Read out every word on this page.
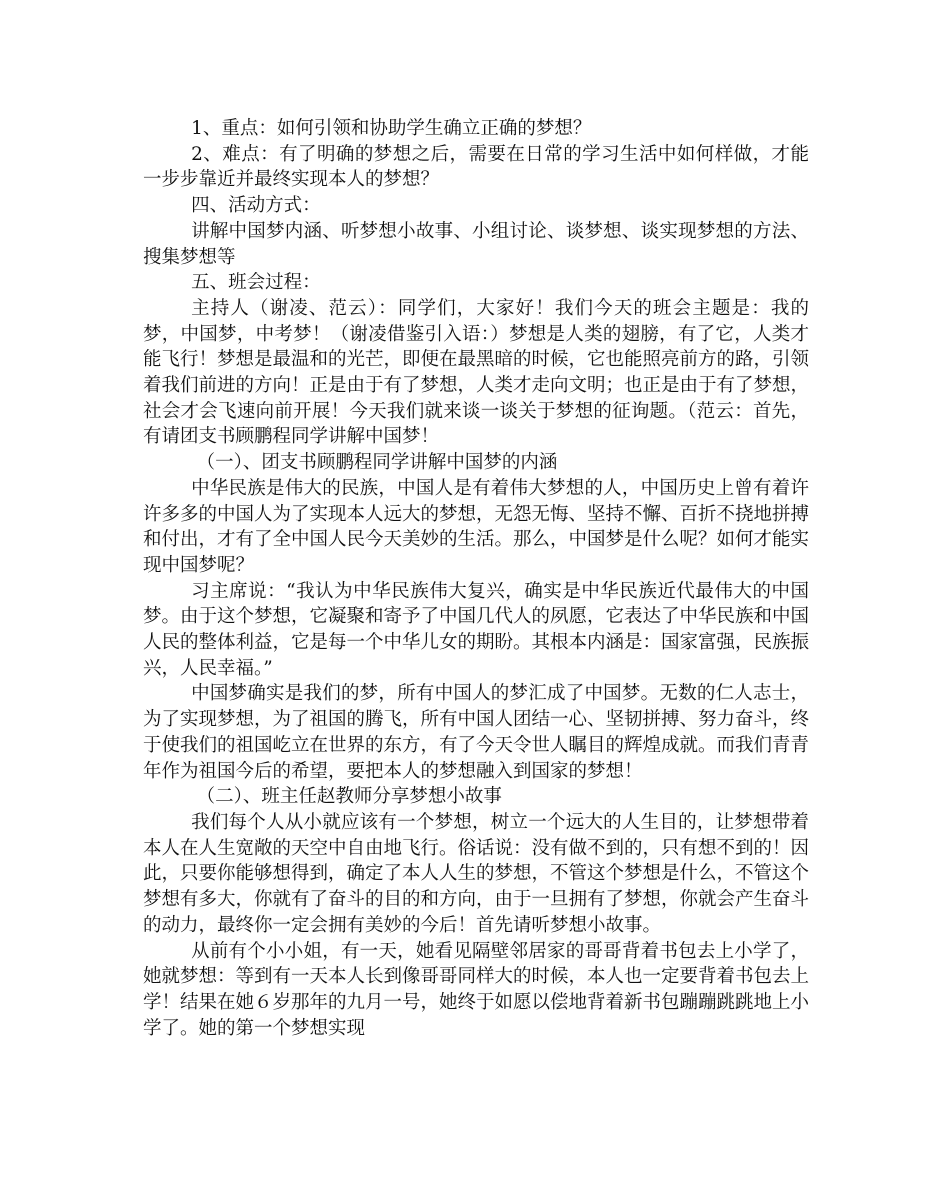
1、重点：如何引领和协助学生确立正确的梦想？

2、难点：有了明确的梦想之后，需要在日常的学习生活中如何样做，才能一步步靠近并最终实现本人的梦想？

四、活动方式：

讲解中国梦内涵、听梦想小故事、小组讨论、谈梦想、谈实现梦想的方法、搜集梦想等

五、班会过程：

主持人（谢凌、范云）：同学们，大家好！我们今天的班会主题是：我的梦，中国梦，中考梦！（谢凌借鉴引入语：）梦想是人类的翅膀，有了它，人类才能飞行！梦想是最温和的光芒，即便在最黑暗的时候，它也能照亮前方的路，引领着我们前进的方向！正是由于有了梦想，人类才走向文明；也正是由于有了梦想，社会才会飞速向前开展！今天我们就来谈一谈关于梦想的征询题。（范云：首先，有请团支书顾鹏程同学讲解中国梦！

（一）、团支书顾鹏程同学讲解中国梦的内涵

中华民族是伟大的民族，中国人是有着伟大梦想的人，中国历史上曾有着许许多多的中国人为了实现本人远大的梦想，无怨无悔、坚持不懈、百折不挠地拼搏和付出，才有了全中国人民今天美妙的生活。那么，中国梦是什么呢？如何才能实现中国梦呢？

习主席说：“我认为中华民族伟大复兴，确实是中华民族近代最伟大的中国梦。由于这个梦想，它凝聚和寄予了中国几代人的夙愿，它表达了中华民族和中国人民的整体利益，它是每一个中华儿女的期盼。其根本内涵是：国家富强，民族振兴，人民幸福。”

中国梦确实是我们的梦，所有中国人的梦汇成了中国梦。无数的仁人志士，为了实现梦想，为了祖国的腾飞，所有中国人团结一心、坚韧拼搏、努力奋斗，终于使我们的祖国屹立在世界的东方，有了今天令世人瞩目的辉煌成就。而我们青青年作为祖国今后的希望，要把本人的梦想融入到国家的梦想！

（二）、班主任赵教师分享梦想小故事

我们每个人从小就应该有一个梦想，树立一个远大的人生目的，让梦想带着本人在人生宽敞的天空中自由地飞行。俗话说：没有做不到的，只有想不到的！因此，只要你能够想得到，确定了本人人生的梦想，不管这个梦想是什么，不管这个梦想有多大，你就有了奋斗的目的和方向，由于一旦拥有了梦想，你就会产生奋斗的动力，最终你一定会拥有美妙的今后！首先请听梦想小故事。

从前有个小小姐，有一天，她看见隔壁邻居家的哥哥背着书包去上小学了，她就梦想：等到有一天本人长到像哥哥同样大的时候，本人也一定要背着书包去上学！结果在她６岁那年的九月一号，她终于如愿以偿地背着新书包蹦蹦跳跳地上小学了。她的第一个梦想实现
